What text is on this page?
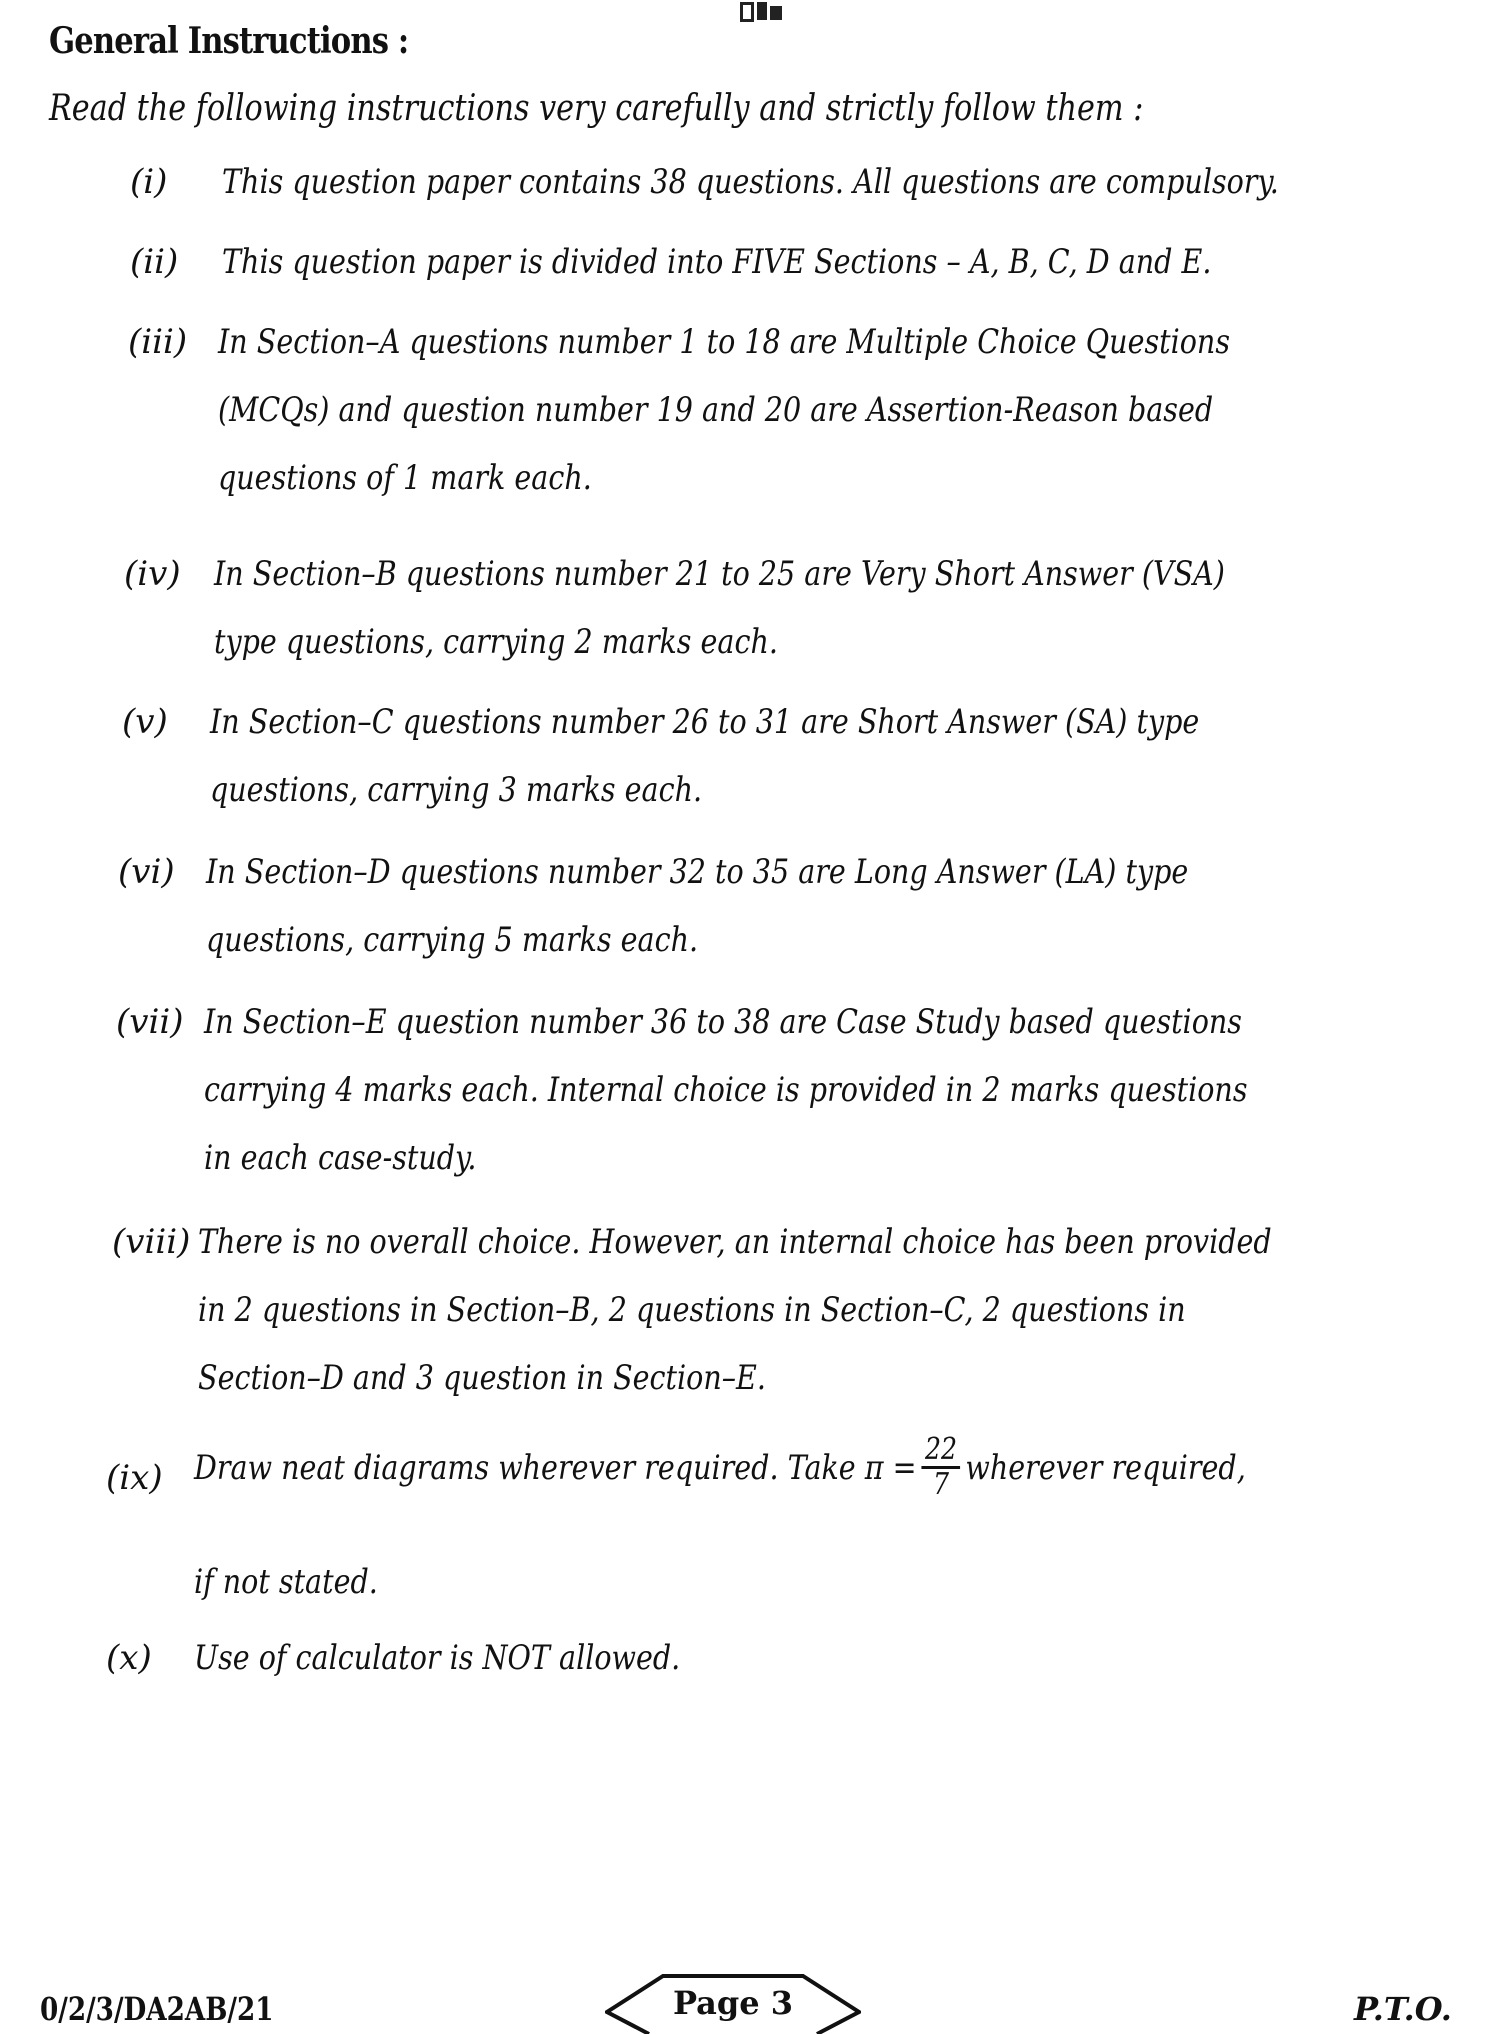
General Instructions :
Read the following instructions very carefully and strictly follow them :
(i) This question paper contains 38 questions. All questions are compulsory.
(ii) This question paper is divided into FIVE Sections – A, B, C, D and E.
(iii) In Section–A questions number 1 to 18 are Multiple Choice Questions
(MCQs) and question number 19 and 20 are Assertion-Reason based
questions of 1 mark each.
(iv) In Section–B questions number 21 to 25 are Very Short Answer (VSA)
type questions, carrying 2 marks each.
(v) In Section–C questions number 26 to 31 are Short Answer (SA) type
questions, carrying 3 marks each.
(vi) In Section–D questions number 32 to 35 are Long Answer (LA) type
questions, carrying 5 marks each.
(vii) In Section–E question number 36 to 38 are Case Study based questions
carrying 4 marks each. Internal choice is provided in 2 marks questions
in each case-study.
(viii) There is no overall choice. However, an internal choice has been provided
in 2 questions in Section–B, 2 questions in Section–C, 2 questions in
Section–D and 3 question in Section–E.
(ix) Draw neat diagrams wherever required. Take $\pi = \frac{22}{7}$ wherever required,
if not stated.
(x) Use of calculator is NOT allowed.
0/2/3/DA2AB/21	Page 3	P.T.O.
